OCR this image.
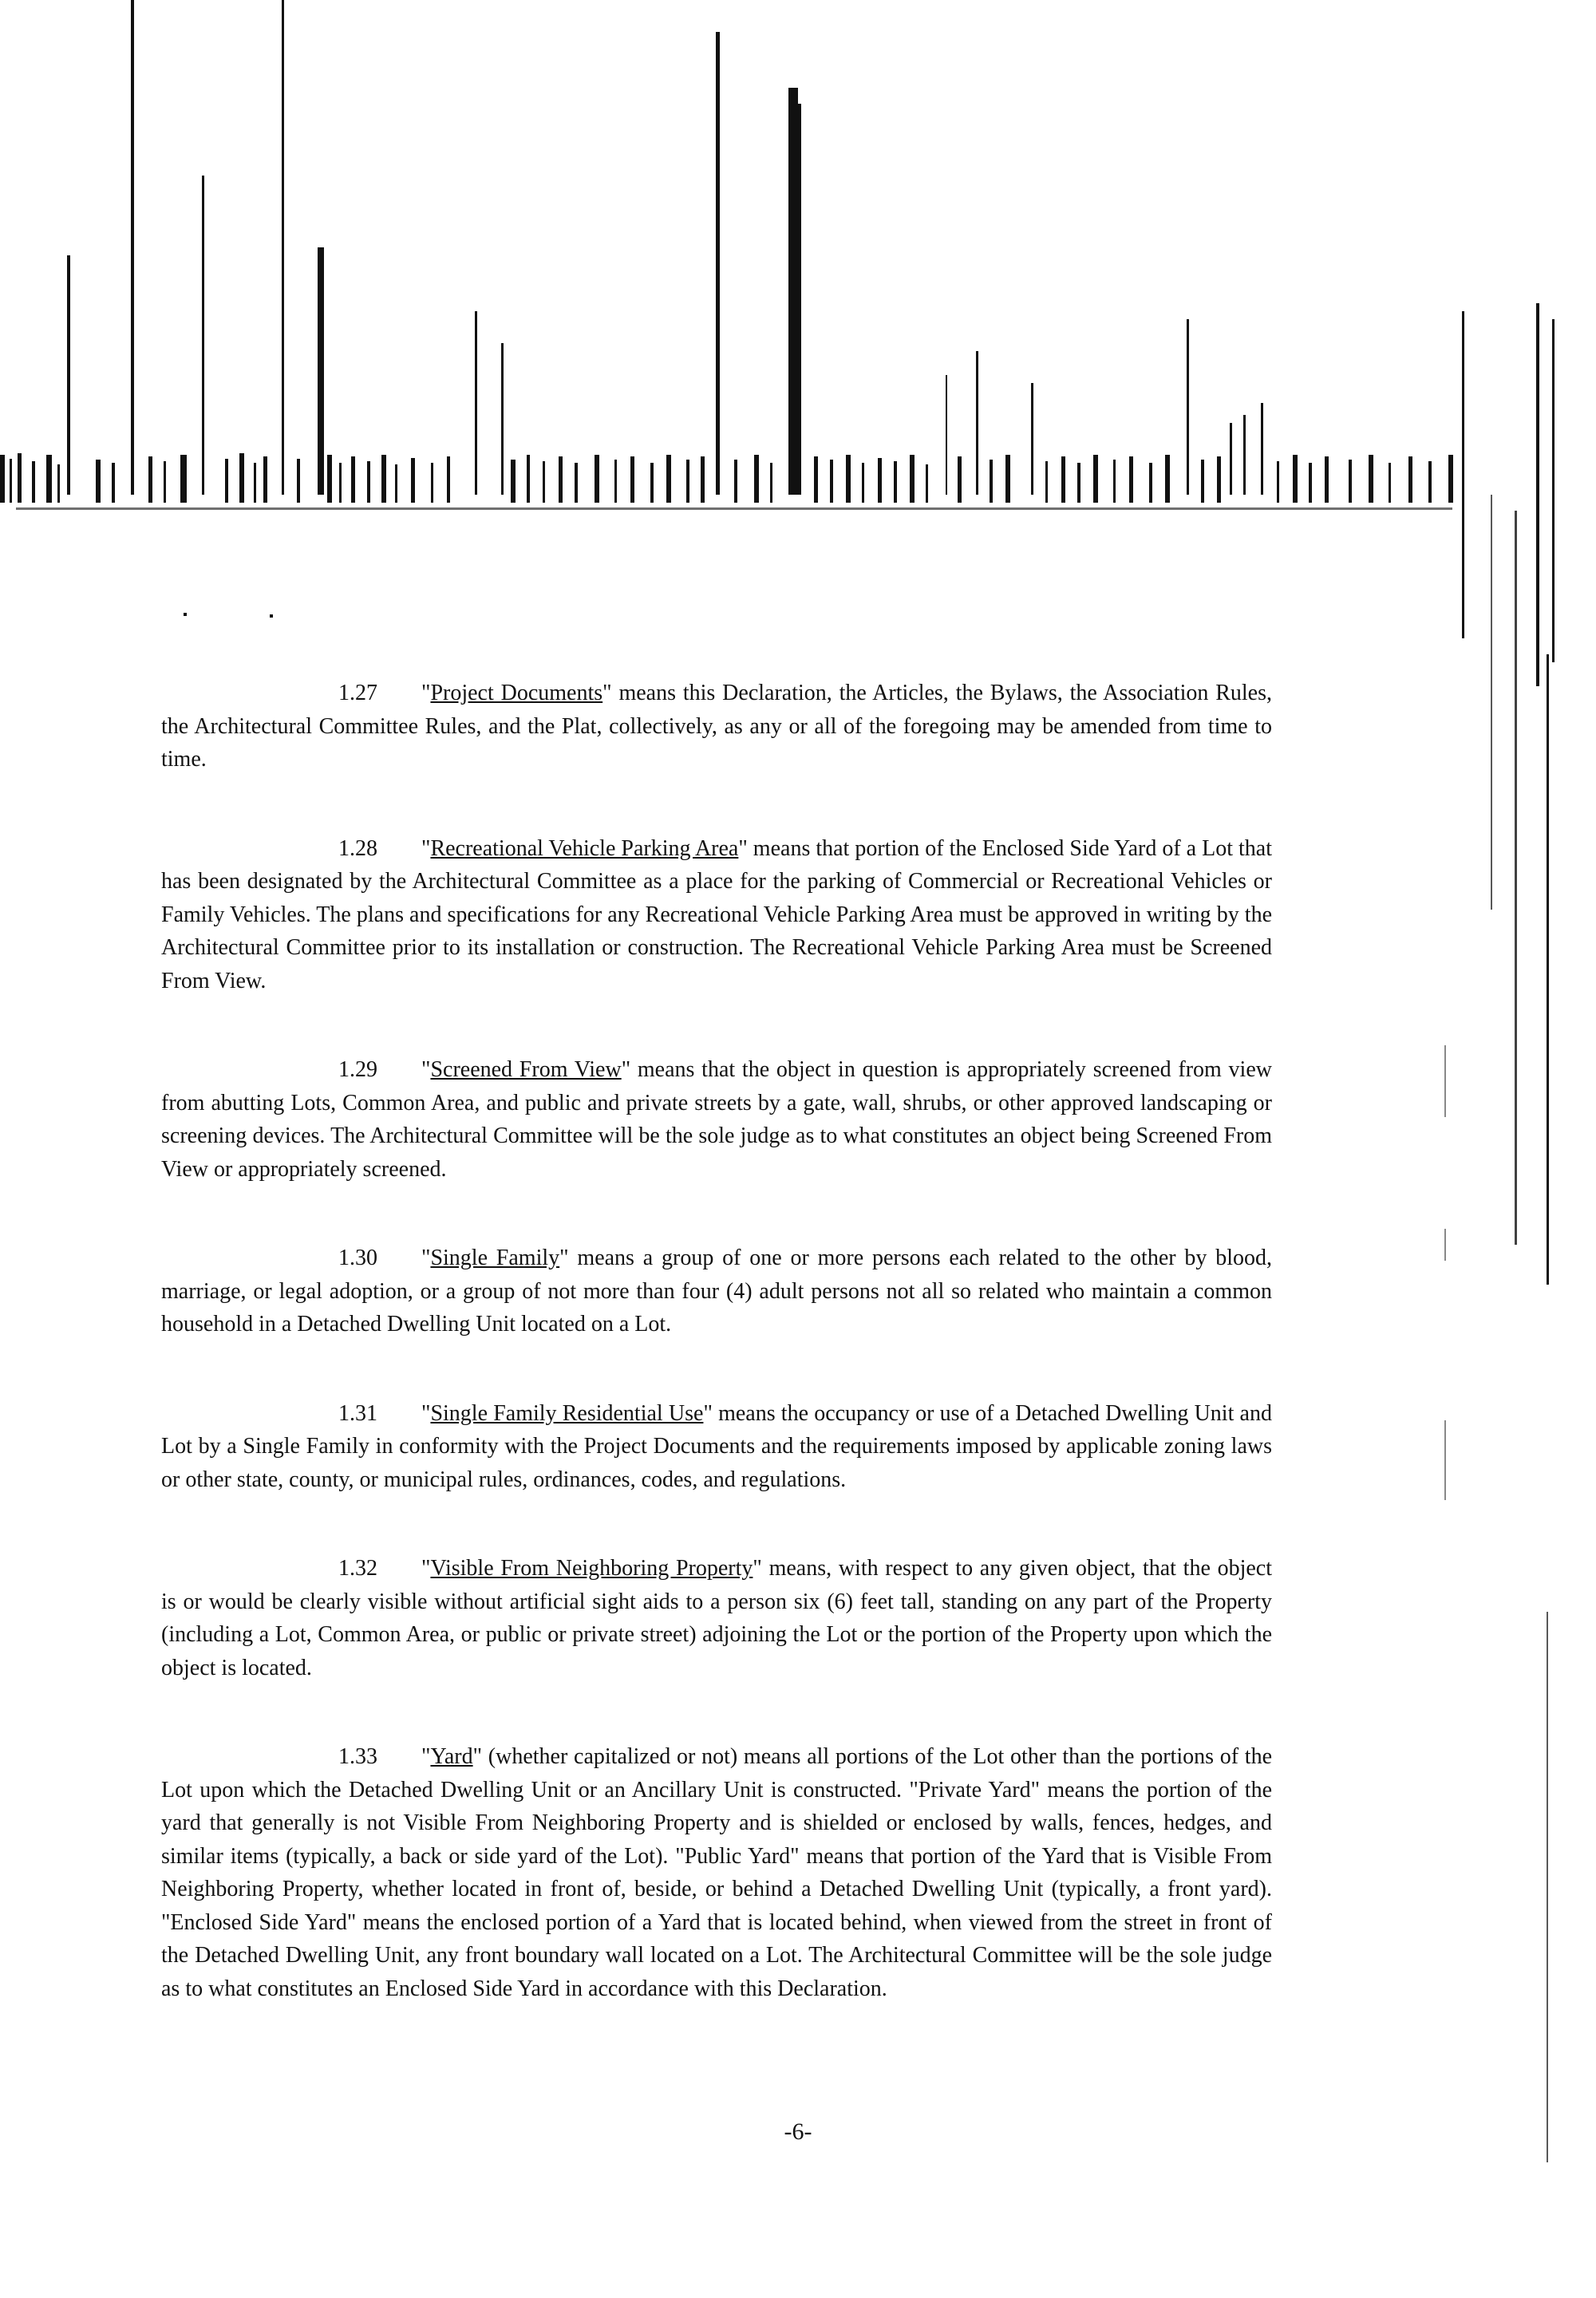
1.27 "Project Documents" means this Declaration, the Articles, the Bylaws, the Association Rules, the Architectural Committee Rules, and the Plat, collectively, as any or all of the foregoing may be amended from time to time.

1.28 "Recreational Vehicle Parking Area" means that portion of the Enclosed Side Yard of a Lot that has been designated by the Architectural Committee as a place for the parking of Commercial or Recreational Vehicles or Family Vehicles. The plans and specifications for any Recreational Vehicle Parking Area must be approved in writing by the Architectural Committee prior to its installation or construction. The Recreational Vehicle Parking Area must be Screened From View.

1.29 "Screened From View" means that the object in question is appropriately screened from view from abutting Lots, Common Area, and public and private streets by a gate, wall, shrubs, or other approved landscaping or screening devices. The Architectural Committee will be the sole judge as to what constitutes an object being Screened From View or appropriately screened.

1.30 "Single Family" means a group of one or more persons each related to the other by blood, marriage, or legal adoption, or a group of not more than four (4) adult persons not all so related who maintain a common household in a Detached Dwelling Unit located on a Lot.

1.31 "Single Family Residential Use" means the occupancy or use of a Detached Dwelling Unit and Lot by a Single Family in conformity with the Project Documents and the requirements imposed by applicable zoning laws or other state, county, or municipal rules, ordinances, codes, and regulations.

1.32 "Visible From Neighboring Property" means, with respect to any given object, that the object is or would be clearly visible without artificial sight aids to a person six (6) feet tall, standing on any part of the Property (including a Lot, Common Area, or public or private street) adjoining the Lot or the portion of the Property upon which the object is located.

1.33 "Yard" (whether capitalized or not) means all portions of the Lot other than the portions of the Lot upon which the Detached Dwelling Unit or an Ancillary Unit is constructed. "Private Yard" means the portion of the yard that generally is not Visible From Neighboring Property and is shielded or enclosed by walls, fences, hedges, and similar items (typically, a back or side yard of the Lot). "Public Yard" means that portion of the Yard that is Visible From Neighboring Property, whether located in front of, beside, or behind a Detached Dwelling Unit (typically, a front yard). "Enclosed Side Yard" means the enclosed portion of a Yard that is located behind, when viewed from the street in front of the Detached Dwelling Unit, any front boundary wall located on a Lot. The Architectural Committee will be the sole judge as to what constitutes an Enclosed Side Yard in accordance with this Declaration.

-6-
